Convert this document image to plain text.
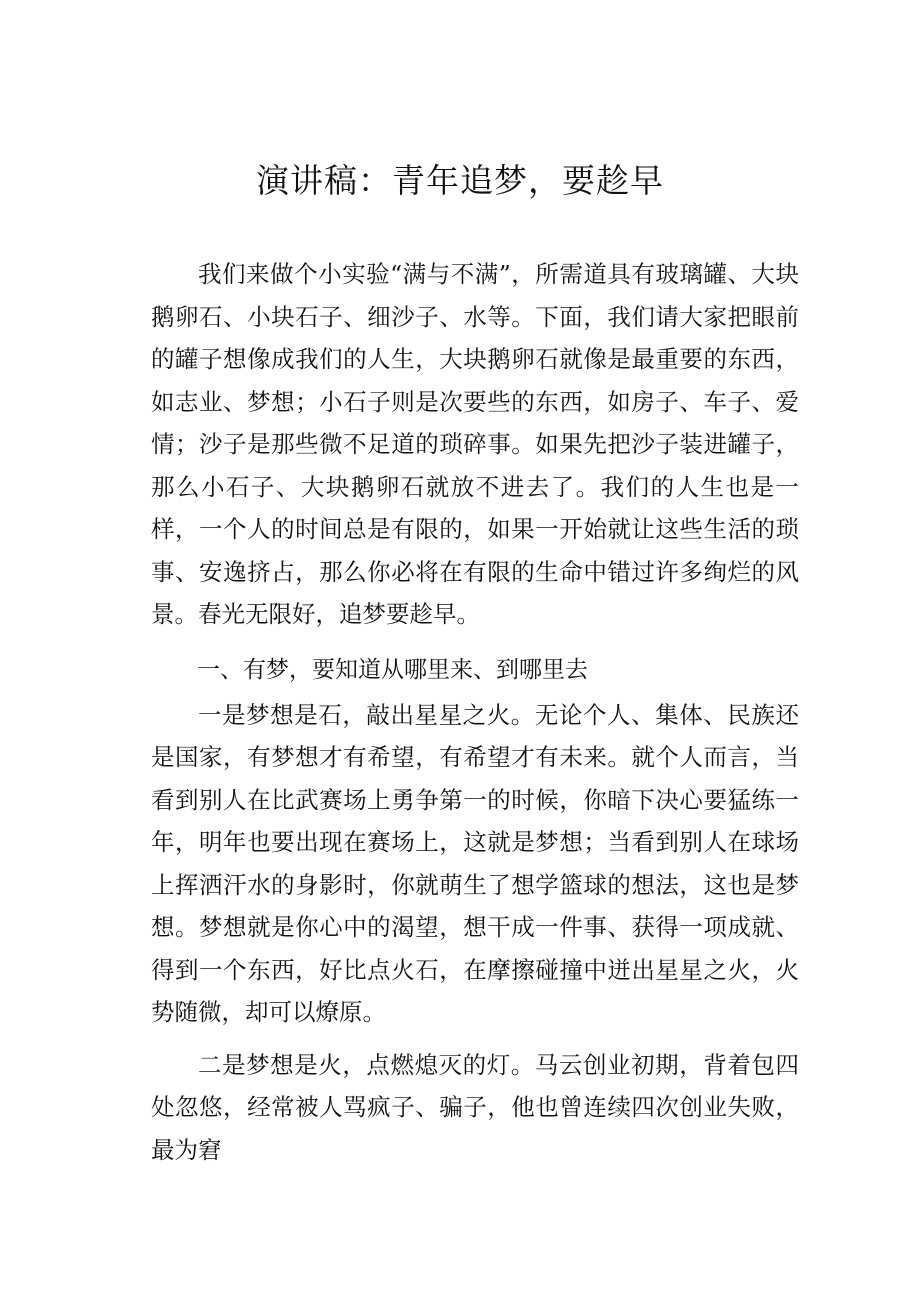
演讲稿：青年追梦，要趁早

我们来做个小实验“满与不满”，所需道具有玻璃罐、大块鹅卵石、小块石子、细沙子、水等。下面，我们请大家把眼前的罐子想像成我们的人生，大块鹅卵石就像是最重要的东西，如志业、梦想；小石子则是次要些的东西，如房子、车子、爱情；沙子是那些微不足道的琐碎事。如果先把沙子装进罐子，那么小石子、大块鹅卵石就放不进去了。我们的人生也是一样，一个人的时间总是有限的，如果一开始就让这些生活的琐事、安逸挤占，那么你必将在有限的生命中错过许多绚烂的风景。春光无限好，追梦要趁早。

一、有梦，要知道从哪里来、到哪里去

一是梦想是石，敲出星星之火。无论个人、集体、民族还是国家，有梦想才有希望，有希望才有未来。就个人而言，当看到别人在比武赛场上勇争第一的时候，你暗下决心要猛练一年，明年也要出现在赛场上，这就是梦想；当看到别人在球场上挥洒汗水的身影时，你就萌生了想学篮球的想法，这也是梦想。梦想就是你心中的渴望，想干成一件事、获得一项成就、得到一个东西，好比点火石，在摩擦碰撞中迸出星星之火，火势随微，却可以燎原。

二是梦想是火，点燃熄灭的灯。马云创业初期，背着包四处忽悠，经常被人骂疯子、骗子，他也曾连续四次创业失败，最为窘
